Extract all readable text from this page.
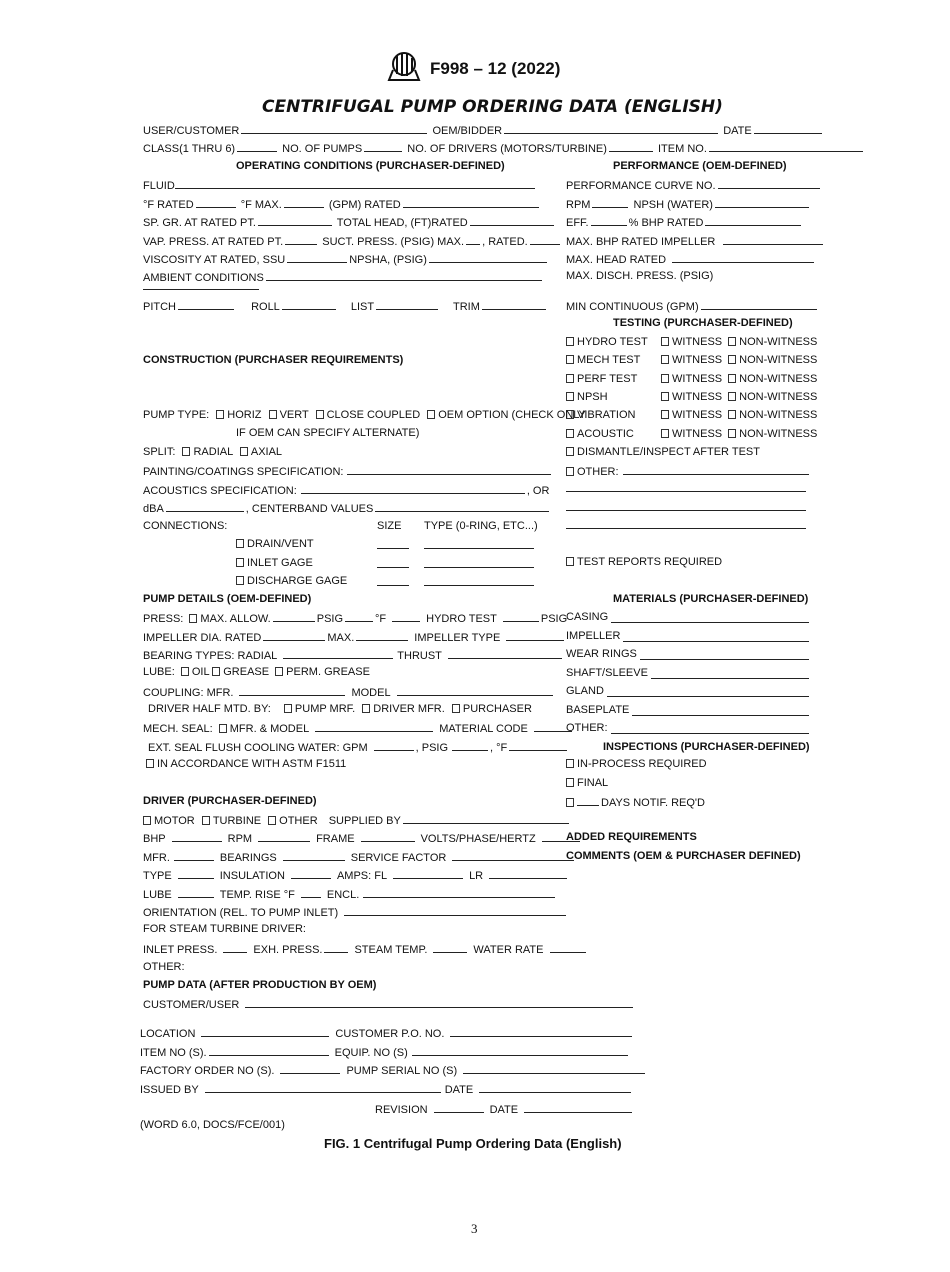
F998 – 12 (2022)
CENTRIFUGAL PUMP ORDERING DATA (ENGLISH)
USER/CUSTOMER	OEM/BIDDER	DATE
CLASS(1 THRU 6)	NO. OF PUMPS	NO. OF DRIVERS (MOTORS/TURBINE)	ITEM NO.
OPERATING CONDITIONS (PURCHASER-DEFINED)
FLUID
°F RATED	°F MAX.	(GPM) RATED
SP. GR. AT RATED PT.	TOTAL HEAD, (FT)RATED
VAP. PRESS. AT RATED PT.	SUCT. PRESS. (PSIG) MAX. , RATED.
VISCOSITY AT RATED, SSU	NPSHA, (PSIG)
AMBIENT CONDITIONS
PITCH	ROLL	LIST	TRIM
PERFORMANCE (OEM-DEFINED)
PERFORMANCE CURVE NO.
RPM	NPSH (WATER)
EFF.	% BHP RATED
MAX. BHP RATED IMPELLER
MAX. HEAD RATED
MAX. DISCH. PRESS. (PSIG)
MIN CONTINUOUS (GPM)
TESTING (PURCHASER-DEFINED)
HYDRO TEST WITNESS NON-WITNESS
MECH TEST	WITNESS NON-WITNESS
PERF TEST	WITNESS NON-WITNESS
NPSH	WITNESS NON-WITNESS
VIBRATION	WITNESS NON-WITNESS
ACOUSTIC	WITNESS NON-WITNESS
DISMANTLE/INSPECT AFTER TEST
OTHER:
TEST REPORTS REQUIRED
CONSTRUCTION (PURCHASER REQUIREMENTS)
PUMP TYPE: HORIZ VERT CLOSE COUPLED OEM OPTION (CHECK ONLY
IF OEM CAN SPECIFY ALTERNATE)
SPLIT: RADIAL AXIAL
PAINTING/COATINGS SPECIFICATION:
ACOUSTICS SPECIFICATION:	, OR
dBA	, CENTERBAND VALUES
CONNECTIONS:	SIZE TYPE (0-RING, ETC...)
DRAIN/VENT
INLET GAGE
DISCHARGE GAGE
PUMP DETAILS (OEM-DEFINED)
PRESS: MAX. ALLOW.	PSIG	°F	HYDRO TEST	PSIG
IMPELLER DIA. RATED	MAX.	IMPELLER TYPE
BEARING TYPES: RADIAL	THRUST
LUBE: OIL GREASE PERM. GREASE
COUPLING: MFR.	MODEL
DRIVER HALF MTD. BY: PUMP MRF. DRIVER MFR. PURCHASER
MECH. SEAL: MFR. & MODEL	MATERIAL CODE
EXT. SEAL FLUSH COOLING WATER: GPM	, PSIG	, °F
IN ACCORDANCE WITH ASTM F1511
MATERIALS (PURCHASER-DEFINED)
CASING
IMPELLER
WEAR RINGS
SHAFT/SLEEVE
GLAND
BASEPLATE
OTHER:
INSPECTIONS (PURCHASER-DEFINED)
IN-PROCESS REQUIRED
FINAL
DAYS NOTIF. REQ'D
DRIVER (PURCHASER-DEFINED)
MOTOR TURBINE OTHER SUPPLIED BY
BHP	RPM	FRAME	VOLTS/PHASE/HERTZ
MFR.	BEARINGS	SERVICE FACTOR
TYPE	INSULATION	AMPS: FL	LR
LUBE	TEMP. RISE °F	ENCL.
ORIENTATION (REL. TO PUMP INLET)
FOR STEAM TURBINE DRIVER:
INLET PRESS.	EXH. PRESS.	STEAM TEMP.	WATER RATE
OTHER:
ADDED REQUIREMENTS
COMMENTS (OEM & PURCHASER DEFINED)
PUMP DATA (AFTER PRODUCTION BY OEM)
CUSTOMER/USER
LOCATION	CUSTOMER P.O. NO.
ITEM NO (S).	EQUIP. NO (S)
FACTORY ORDER NO (S).	PUMP SERIAL NO (S)
ISSUED BY	DATE
REVISION	DATE
(WORD 6.0, DOCS/FCE/001)
FIG. 1 Centrifugal Pump Ordering Data (English)
3
